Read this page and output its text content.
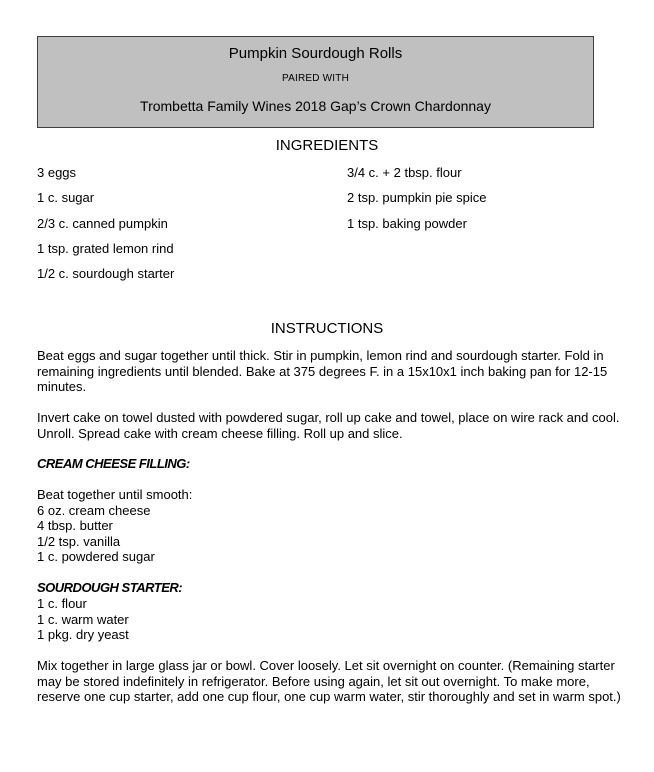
Pumpkin Sourdough Rolls
PAIRED WITH
Trombetta Family Wines 2018 Gap’s Crown Chardonnay
INGREDIENTS
3 eggs
1 c. sugar
2/3 c. canned pumpkin
1 tsp. grated lemon rind
1/2 c. sourdough starter
3/4 c. + 2 tbsp. flour
2 tsp. pumpkin pie spice
1 tsp. baking powder
INSTRUCTIONS

Beat eggs and sugar together until thick. Stir in pumpkin, lemon rind and sourdough starter. Fold in remaining ingredients until blended. Bake at 375 degrees F. in a 15x10x1 inch baking pan for 12-15 minutes.

Invert cake on towel dusted with powdered sugar, roll up cake and towel, place on wire rack and cool. Unroll. Spread cake with cream cheese filling. Roll up and slice.

CREAM CHEESE FILLING:
Beat together until smooth:
6 oz. cream cheese
4 tbsp. butter
1/2 tsp. vanilla
1 c. powdered sugar
SOURDOUGH STARTER:
1 c. flour
1 c. warm water
1 pkg. dry yeast

Mix together in large glass jar or bowl. Cover loosely. Let sit overnight on counter. (Remaining starter may be stored indefinitely in refrigerator. Before using again, let sit out overnight. To make more, reserve one cup starter, add one cup flour, one cup warm water, stir thoroughly and set in warm spot.)
